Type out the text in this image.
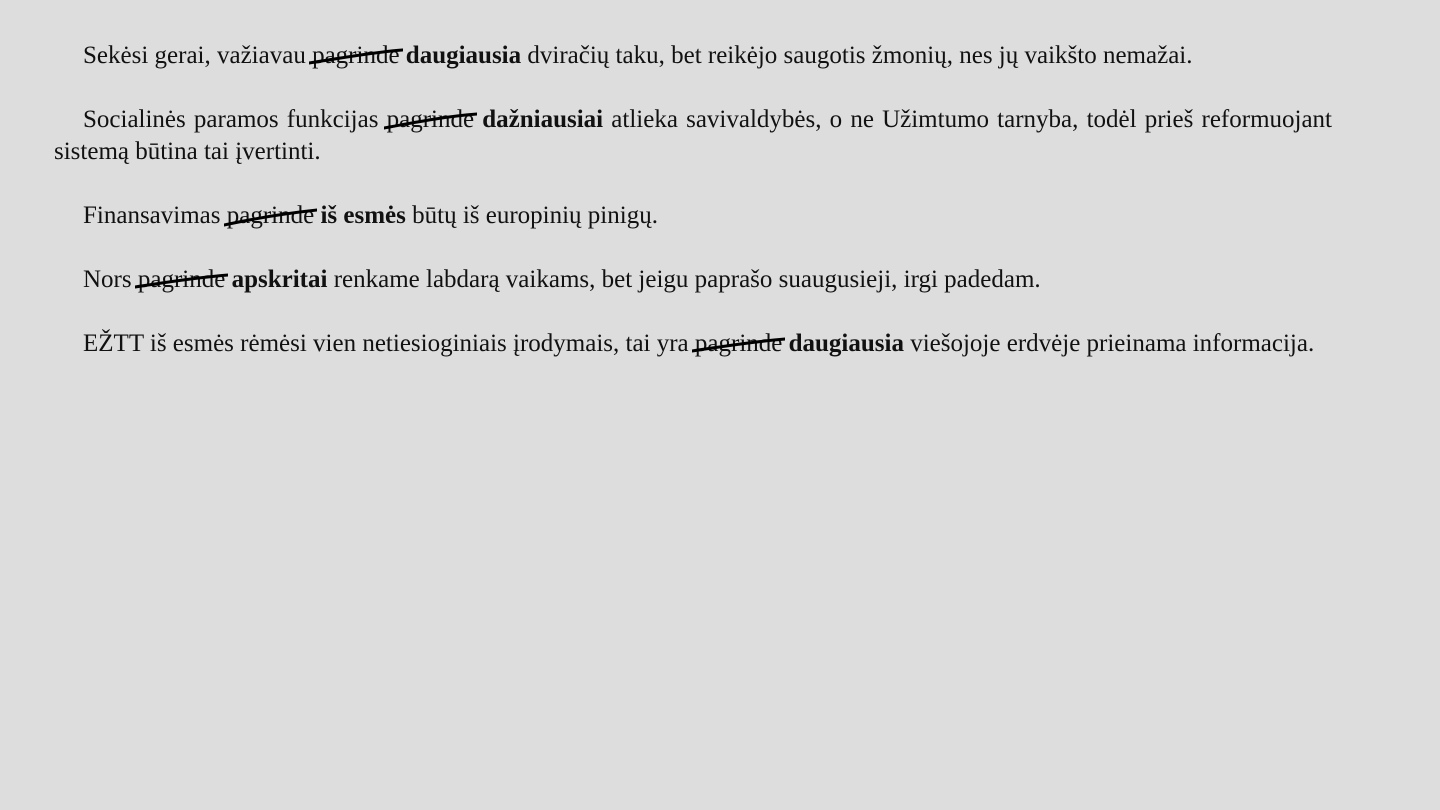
Sekėsi gerai, važiavau pagrinde daugiausia dviračių taku, bet reikėjo saugotis žmonių, nes jų vaikšto nemažai.

Socialinės paramos funkcijas pagrinde dažniausiai atlieka savivaldybės, o ne Užimtumo tarnyba, todėl prieš reformuojant sistemą būtina tai įvertinti.

Finansavimas pagrinde iš esmės būtų iš europinių pinigų.

Nors pagrinde apskritai renkame labdarą vaikams, bet jeigu paprašo suaugusieji, irgi padedam.

EŽTT iš esmės rėmėsi vien netiesioginiais įrodymais, tai yra pagrinde daugiausia viešojoje erdvėje prieinama informacija.
